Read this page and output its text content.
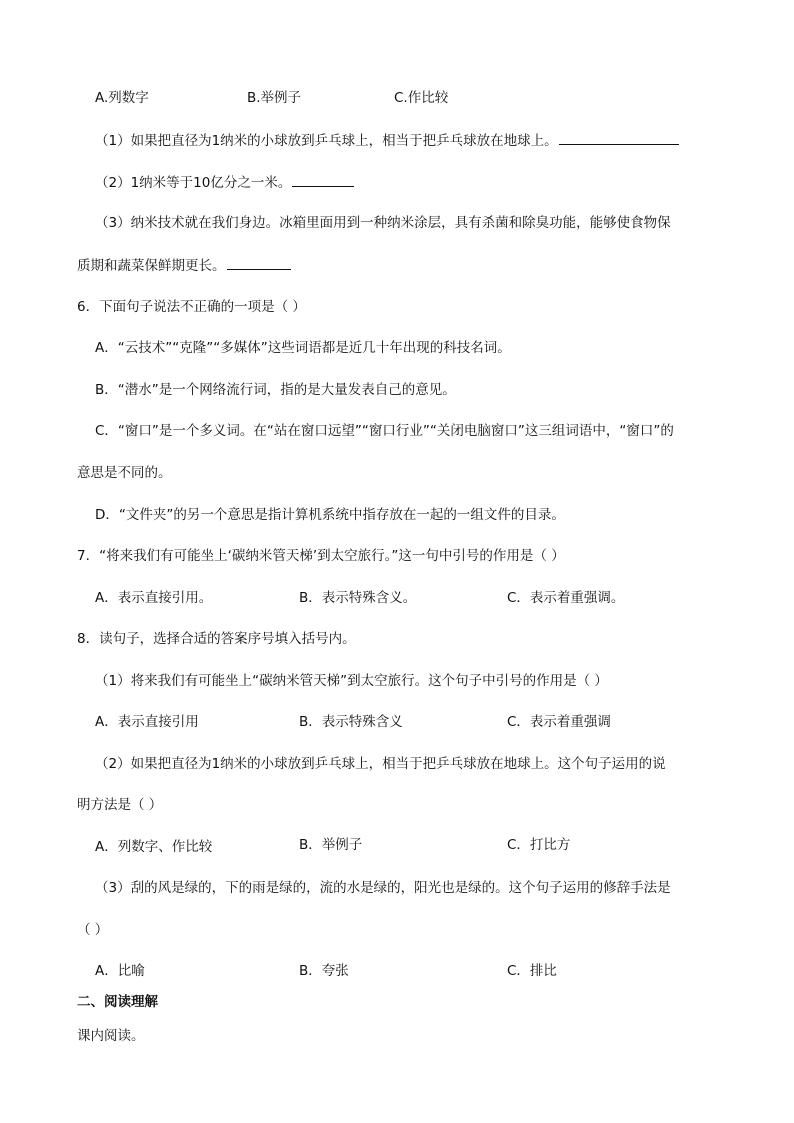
A.列数字	B.举例子	C.作比较
（1）如果把直径为1纳米的小球放到乒乓球上，相当于把乒乓球放在地球上。
（2）1纳米等于10亿分之一米。
（3）纳米技术就在我们身边。冰箱里面用到一种纳米涂层，具有杀菌和除臭功能，能够使食物保
质期和蔬菜保鲜期更长。
6．下面句子说法不正确的一项是（ ）
A．“云技术”“克隆”“多媒体”这些词语都是近几十年出现的科技名词。
B．“潜水”是一个网络流行词，指的是大量发表自己的意见。
C．“窗口”是一个多义词。在“站在窗口远望”“窗口行业”“关闭电脑窗口”这三组词语中，“窗口”的
意思是不同的。
D．“文件夹”的另一个意思是指计算机系统中指存放在一起的一组文件的目录。
7．“将来我们有可能坐上‘碳纳米管天梯’到太空旅行。”这一句中引号的作用是（ ）
A．表示直接引用。	B．表示特殊含义。	C．表示着重强调。
8．读句子，选择合适的答案序号填入括号内。
（1）将来我们有可能坐上“碳纳米管天梯”到太空旅行。这个句子中引号的作用是（ ）
A．表示直接引用	B．表示特殊含义	C．表示着重强调
（2）如果把直径为1纳米的小球放到乒乓球上，相当于把乒乓球放在地球上。这个句子运用的说
明方法是（ ）
A．列数字、作比较	B．举例子	C．打比方
（3）刮的风是绿的，下的雨是绿的，流的水是绿的，阳光也是绿的。这个句子运用的修辞手法是
（ ）
A．比喻	B．夸张	C．排比
二、阅读理解
课内阅读。
